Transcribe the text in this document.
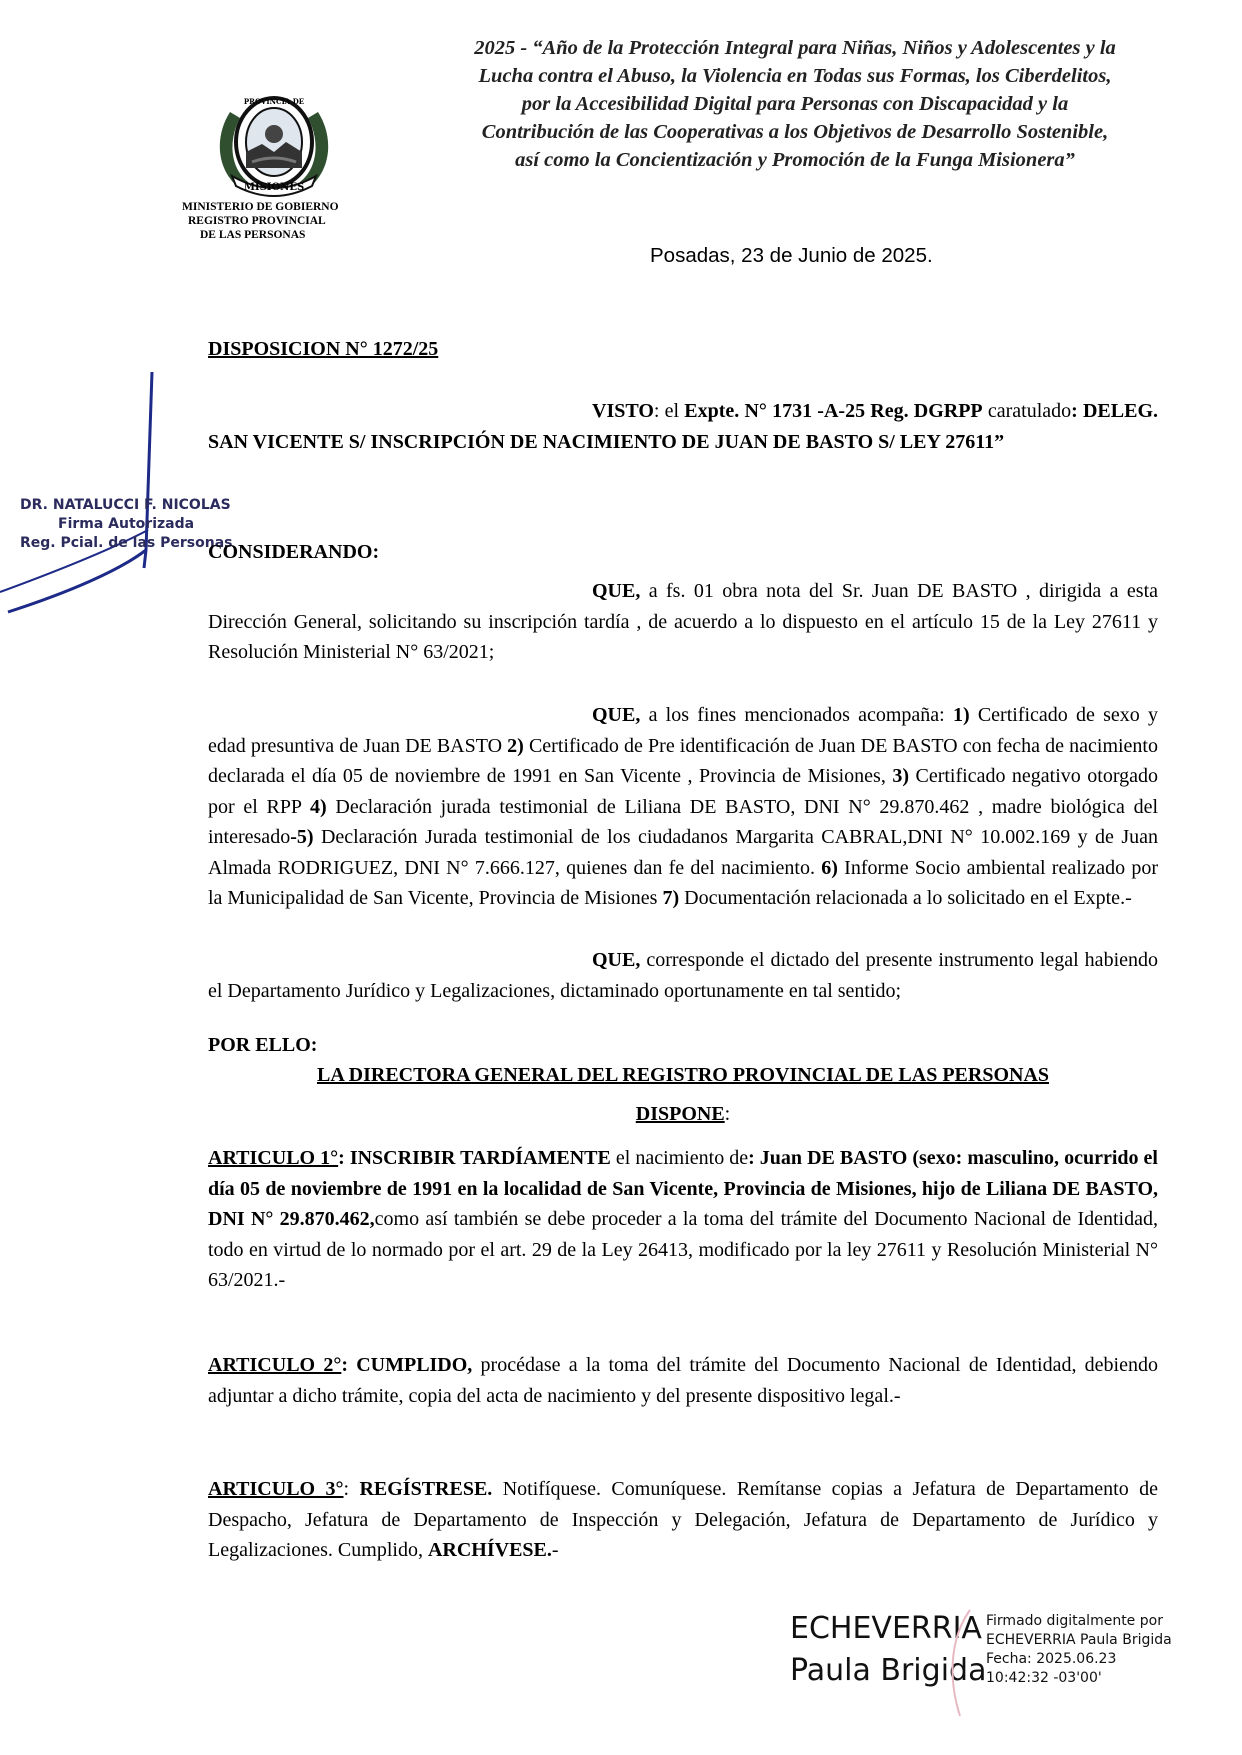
2025 - “Año de la Protección Integral para Niñas, Niños y Adolescentes y la
Lucha contra el Abuso, la Violencia en Todas sus Formas, los Ciberdelitos,
por la Accesibilidad Digital para Personas con Discapacidad y la
Contribución de las Cooperativas a los Objetivos de Desarrollo Sostenible,
así como la Concientización y Promoción de la Funga Misionera”
MISIONES
PROVINCIA DE
MINISTERIO DE GOBIERNO
REGISTRO PROVINCIAL
DE LAS PERSONAS
Posadas, 23 de Junio de 2025.
DR. NATALUCCI F. NICOLAS
Firma Autorizada
Reg. Pcial. de las Personas
DISPOSICION N° 1272/25
VISTO: el Expte. N° 1731 -A-25 Reg. DGRPP caratulado: DELEG. SAN VICENTE S/ INSCRIPCIÓN DE NACIMIENTO DE JUAN DE BASTO S/ LEY 27611”
CONSIDERANDO:
QUE, a fs. 01 obra nota del Sr. Juan DE BASTO , dirigida a esta Dirección General, solicitando su inscripción tardía , de acuerdo a lo dispuesto en el artículo 15 de la Ley 27611 y Resolución Ministerial N° 63/2021;
QUE, a los fines mencionados acompaña: 1) Certificado de sexo y edad presuntiva de Juan DE BASTO 2) Certificado de Pre identificación de Juan DE BASTO con fecha de nacimiento declarada el día 05 de noviembre de 1991 en San Vicente , Provincia de Misiones, 3) Certificado negativo otorgado por el RPP 4) Declaración jurada testimonial de Liliana DE BASTO, DNI N° 29.870.462 , madre biológica del interesado-5) Declaración Jurada testimonial de los ciudadanos Margarita CABRAL,DNI N° 10.002.169 y de Juan Almada RODRIGUEZ, DNI N° 7.666.127, quienes dan fe del nacimiento. 6) Informe Socio ambiental realizado por la Municipalidad de San Vicente, Provincia de Misiones 7) Documentación relacionada a lo solicitado en el Expte.-
QUE, corresponde el dictado del presente instrumento legal habiendo el Departamento Jurídico y Legalizaciones, dictaminado oportunamente en tal sentido;
POR ELLO:
LA DIRECTORA GENERAL DEL REGISTRO PROVINCIAL DE LAS PERSONAS
DISPONE:
ARTICULO 1°: INSCRIBIR TARDÍAMENTE el nacimiento de: Juan DE BASTO (sexo: masculino, ocurrido el día 05 de noviembre de 1991 en la localidad de San Vicente, Provincia de Misiones, hijo de Liliana DE BASTO, DNI N° 29.870.462,como así también se debe proceder a la toma del trámite del Documento Nacional de Identidad, todo en virtud de lo normado por el art. 29 de la Ley 26413, modificado por la ley 27611 y Resolución Ministerial N° 63/2021.-
ARTICULO 2°: CUMPLIDO, procédase a la toma del trámite del Documento Nacional de Identidad, debiendo adjuntar a dicho trámite, copia del acta de nacimiento y del presente dispositivo legal.-
ARTICULO 3°: REGÍSTRESE. Notifíquese. Comuníquese. Remítanse copias a Jefatura de Departamento de Despacho, Jefatura de Departamento de Inspección y Delegación, Jefatura de Departamento de Jurídico y Legalizaciones. Cumplido, ARCHÍVESE.-
ECHEVERRIA
Paula Brigida
Firmado digitalmente por
ECHEVERRIA Paula Brigida
Fecha: 2025.06.23
10:42:32 -03'00'
